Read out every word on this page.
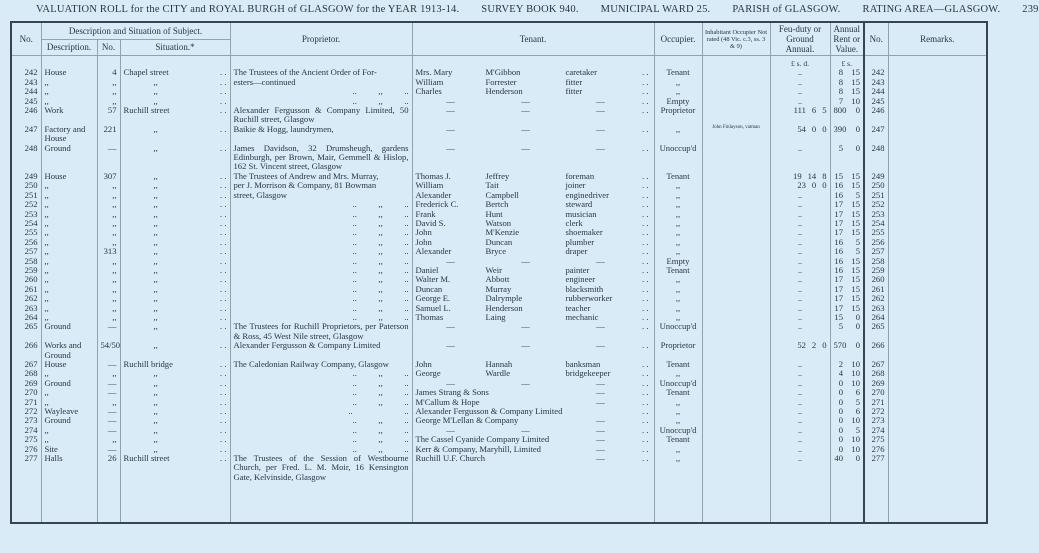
VALUATION ROLL for the CITY and ROYAL BURGH of GLASGOW for the YEAR 1913-14. SURVEY BOOK 940. MUNICIPAL WARD 25. PARISH of GLASGOW. RATING AREA—GLASGOW. 239
No.	Description and Situation of Subject.			Proprietor.	Tenant.	Occupier.	Inhabitant Occupier Not rated (48 Vic. c.3, ss. 3 & 9)	Feu-duty or Ground Annual.	Annual Rent or Value.	No.	Remarks.
	Description.	No.	Situation.*								
								£ s. d.	£ s.		
242	House	4	Chapel street . .	The Trustees of the Ancient Order of For-	Mrs. Mary M'Gibbon caretaker . .	Tenant		..	8 15	242	
243	,,	,,	,, . .	esters—continued	William Forrester fitter . .	,,		..	8 15	243	
244	,,	,,	,, . .	..          ,,          ..	Charles Henderson fitter . .	,,		..	8 15	244	
245	,,	,,	,, . .	..          ,,          ..	— — — . .	Empty		..	7 10	245	
246	Work	57	Ruchill street . .	Alexander Fergusson & Company Limited, 50 Ruchill street, Glasgow	— — — . .	Proprietor		111 6 5	800 0	246	
247	Factory and House	221	,, . .	Baikie & Hogg, laundrymen,	— — — . .	,,	John Finlayson, vatman	54 0 0	390 0	247	
248	Ground	—	,, . .	James Davidson, 32 Drumsheugh, gardens Edinburgh, per Brown, Mair, Gemmell & Hislop, 162 St. Vincent street, Glasgow	— — — . .	Unoccup'd		..	5 0	248	
249	House	307	,, . .	The Trustees of Andrew and Mrs. Murray,	Thomas J. Jeffrey foreman . .	Tenant		19 14 8	15 15	249	
250	,,	,,	,, . .	per J. Morrison & Company, 81 Bowman	William Tait joiner . .	,,		23 0 0	16 15	250	
251	,,	,,	,, . .	street, Glasgow	Alexander Campbell enginedriver . .	,,		..	16 5	251	
252	,,	,,	,, . .	..          ,,          ..	Frederick C. Bertch steward . .	,,		..	17 15	252	
253	,,	,,	,, . .	..          ,,          ..	Frank Hunt musician . .	,,		..	17 15	253	
254	,,	,,	,, . .	..          ,,          ..	David S. Watson clerk . .	,,		..	17 15	254	
255	,,	,,	,, . .	..          ,,          ..	John M'Kenzie shoemaker . .	,,		..	17 15	255	
256	,,	,,	,, . .	..          ,,          ..	John Duncan plumber . .	,,		..	16 5	256	
257	,,	313	,, . .	..          ,,          ..	Alexander Bryce draper . .	,,		..	16 5	257	
258	,,	,,	,, . .	..          ,,          ..	— — — . .	Empty		..	16 15	258	
259	,,	,,	,, . .	..          ,,          ..	Daniel Weir painter . .	Tenant		..	16 15	259	
260	,,	,,	,, . .	..          ,,          ..	Walter M. Abbott engineer . .	,,		..	17 15	260	
261	,,	,,	,, . .	..          ,,          ..	Duncan Murray blacksmith . .	,,		..	17 15	261	
262	,,	,,	,, . .	..          ,,          ..	George E. Dalrymple rubberworker . .	,,		..	17 15	262	
263	,,	,,	,, . .	..          ,,          ..	Samuel L. Henderson teacher . .	,,		..	17 15	263	
264	,,	,,	,, . .	..          ,,          ..	Thomas Laing mechanic . .	,,		..	15 0	264	
265	Ground	—	,, . .	The Trustees for Ruchill Proprietors, per Paterson & Ross, 45 West Nile street, Glasgow	— — — . .	Unoccup'd		..	5 0	265	
266	Works and Ground	54/50	,, . .	Alexander Fergusson & Company Limited	— — — . .	Proprietor		52 2 0	570 0	266	
267	House	—	Ruchill bridge . .	The Caledonian Railway Company, Glasgow	John Hannah banksman . .	Tenant		..	2 10	267	
268	,,	,,	,, . .	..          ,,          ..	George Wardle bridgekeeper . .	,,		..	4 10	268	
269	Ground	—	,, . .	..          ,,          ..	— — — . .	Unoccup'd		..	0 10	269	
270	,,	—	,, . .	..          ,,          ..	James Strang & Sons — . .	Tenant		..	0 6	270	
271	,,	,,	,, . .	..          ,,          ..	M'Callum & Hope — . .	,,		..	0 5	271	
272	Wayleave	—	,, . .	..                        ..	Alexander Fergusson & Company Limited . .	,,		..	0 6	272	
273	Ground	—	,, . .	..          ,,          ..	George M'Lellan & Company — . .	,,		..	0 10	273	
274	,,	—	,, . .	..          ,,          ..	— — — . .	Unoccup'd		..	0 5	274	
275	,,	,,	,, . .	..          ,,          ..	The Cassel Cyanide Company Limited — . .	Tenant		..	0 10	275	
276	Site	—	,, . .	..          ,,          ..	Kerr & Company, Maryhill, Limited — . .	,,		..	0 10	276	
277	Halls	26	Ruchill street . .	The Trustees of the Session of Westbourne Church, per Fred. L. M. Moir, 16 Kensington Gate, Kelvinside, Glasgow	Ruchill U.F. Church — . .	,,		..	40 0	277	
